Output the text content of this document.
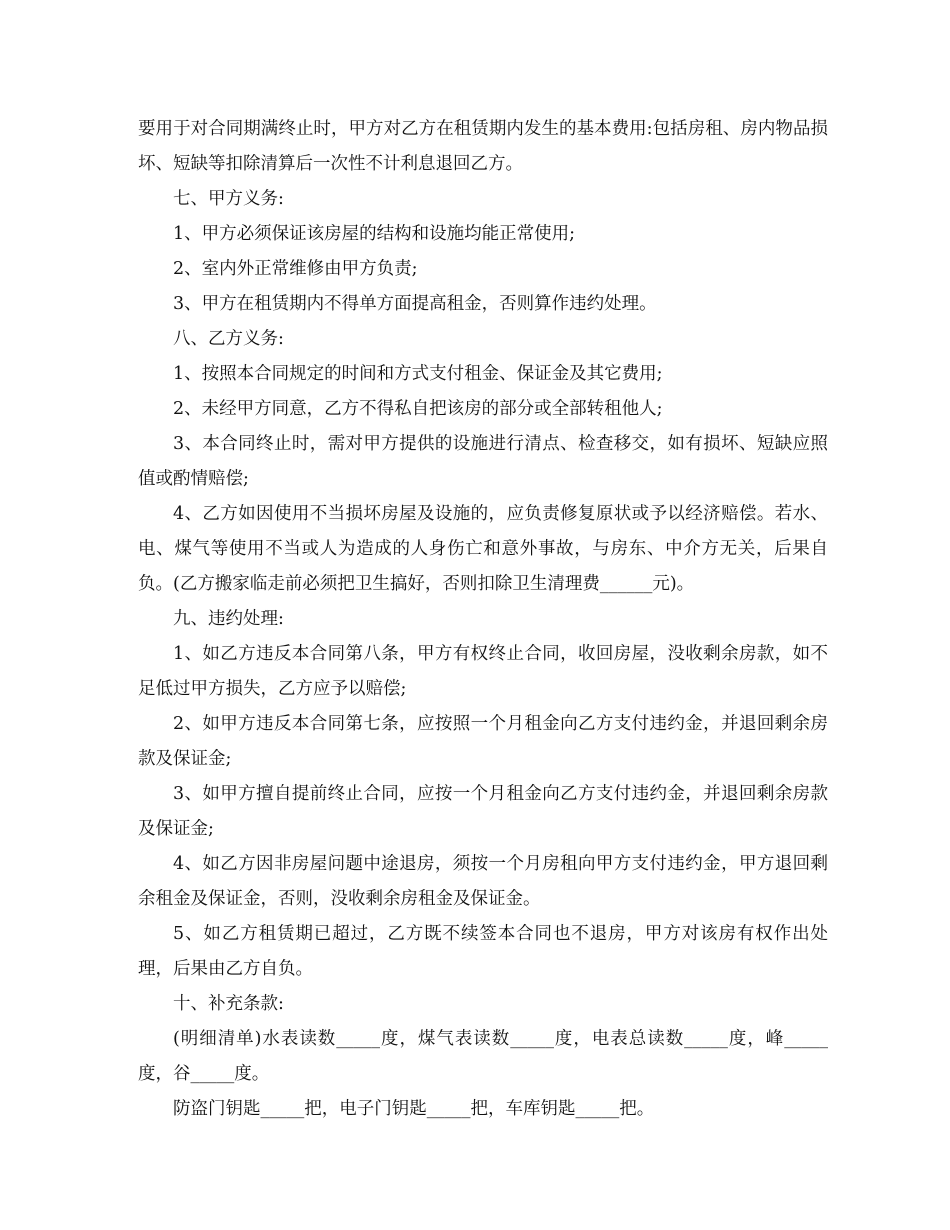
要用于对合同期满终止时，甲方对乙方在租赁期内发生的基本费用:包括房租、房内物品损坏、短缺等扣除清算后一次性不计利息退回乙方。

七、甲方义务:

1、甲方必须保证该房屋的结构和设施均能正常使用;

2、室内外正常维修由甲方负责;

3、甲方在租赁期内不得单方面提高租金，否则算作违约处理。

八、乙方义务:

1、按照本合同规定的时间和方式支付租金、保证金及其它费用;

2、未经甲方同意，乙方不得私自把该房的部分或全部转租他人;

3、本合同终止时，需对甲方提供的设施进行清点、检查移交，如有损坏、短缺应照值或酌情赔偿;

4、乙方如因使用不当损坏房屋及设施的，应负责修复原状或予以经济赔偿。若水、电、煤气等使用不当或人为造成的人身伤亡和意外事故，与房东、中介方无关，后果自负。(乙方搬家临走前必须把卫生搞好，否则扣除卫生清理费______元)。

九、违约处理:

1、如乙方违反本合同第八条，甲方有权终止合同，收回房屋，没收剩余房款，如不足低过甲方损失，乙方应予以赔偿;

2、如甲方违反本合同第七条，应按照一个月租金向乙方支付违约金，并退回剩余房款及保证金;

3、如甲方擅自提前终止合同，应按一个月租金向乙方支付违约金，并退回剩余房款及保证金;

4、如乙方因非房屋问题中途退房，须按一个月房租向甲方支付违约金，甲方退回剩余租金及保证金，否则，没收剩余房租金及保证金。

5、如乙方租赁期已超过，乙方既不续签本合同也不退房，甲方对该房有权作出处理，后果由乙方自负。

十、补充条款:

(明细清单)水表读数_____度，煤气表读数_____度，电表总读数_____度，峰_____度，谷_____度。

防盗门钥匙_____把，电子门钥匙_____把，车库钥匙_____把。
